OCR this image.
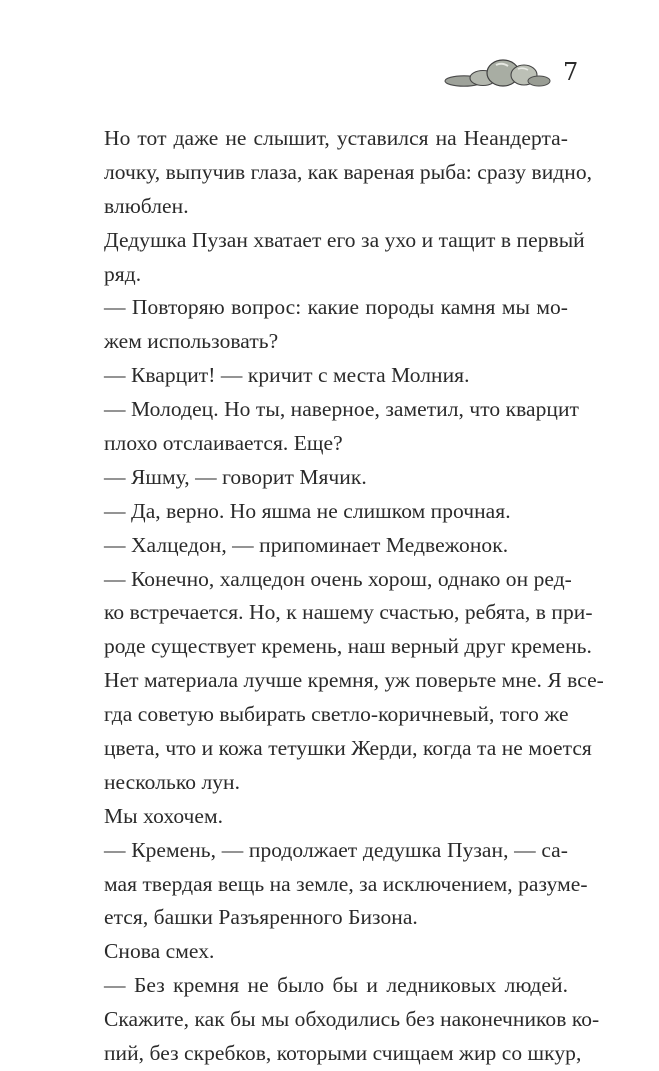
7
Но тот даже не слышит, уставился на Неандерта-
лочку, выпучив глаза, как вареная рыба: сразу видно,
влюблен.
Дедушка Пузан хватает его за ухо и тащит в первый
ряд.
— Повторяю вопрос: какие породы камня мы мо-
жем использовать?
— Кварцит! — кричит с места Молния.
— Молодец. Но ты, наверное, заметил, что кварцит
плохо отслаивается. Еще?
— Яшму, — говорит Мячик.
— Да, верно. Но яшма не слишком прочная.
— Халцедон, — припоминает Медвежонок.
— Конечно, халцедон очень хорош, однако он ред-
ко встречается. Но, к нашему счастью, ребята, в при-
роде существует кремень, наш верный друг кремень.
Нет материала лучше кремня, уж поверьте мне. Я все-
гда советую выбирать светло-коричневый, того же
цвета, что и кожа тетушки Жерди, когда та не моется
несколько лун.
Мы хохочем.
— Кремень, — продолжает дедушка Пузан, — са-
мая твердая вещь на земле, за исключением, разуме-
ется, башки Разъяренного Бизона.
Снова смех.
— Без кремня не было бы и ледниковых людей.
Скажите, как бы мы обходились без наконечников ко-
пий, без скребков, которыми счищаем жир со шкур,
